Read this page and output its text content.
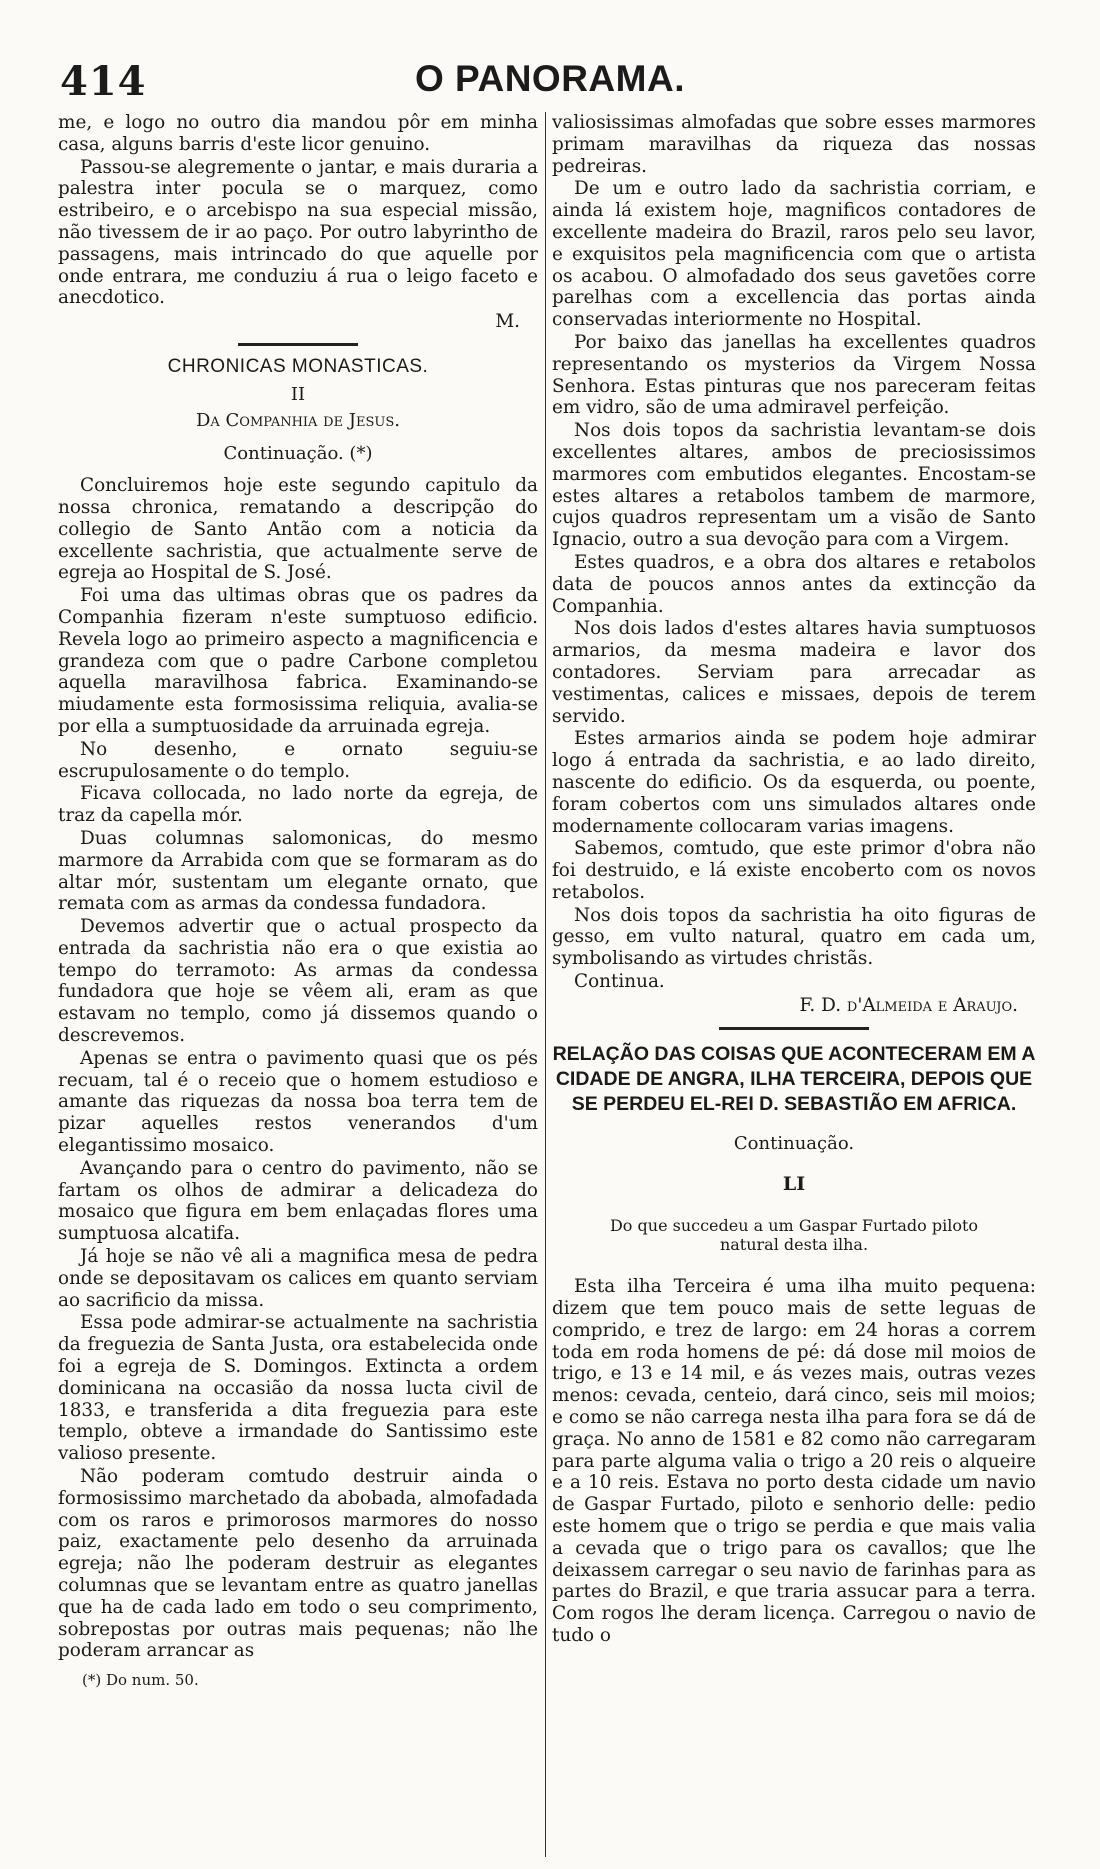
414	O PANORAMA.

me, e logo no outro dia mandou pôr em minha casa, alguns barris d'este licor genuino.

Passou-se alegremente o jantar, e mais duraria a palestra inter pocula se o marquez, como estribeiro, e o arcebispo na sua especial missão, não tivessem de ir ao paço. Por outro labyrintho de passagens, mais intrincado do que aquelle por onde entrara, me conduziu á rua o leigo faceto e anecdotico.

M.

CHRONICAS MONASTICAS.

II

Da Companhia de Jesus.

Continuação. (*)

Concluiremos hoje este segundo capitulo da nossa chronica, rematando a descripção do collegio de Santo Antão com a noticia da excellente sachristia, que actualmente serve de egreja ao Hospital de S. José.

Foi uma das ultimas obras que os padres da Companhia fizeram n'este sumptuoso edificio. Revela logo ao primeiro aspecto a magnificencia e grandeza com que o padre Carbone completou aquella maravilhosa fabrica. Examinando-se miudamente esta formosissima reliquia, avalia-se por ella a sumptuosidade da arruinada egreja.

No desenho, e ornato seguiu-se escrupulosamente o do templo.

Ficava collocada, no lado norte da egreja, de traz da capella mór.

Duas columnas salomonicas, do mesmo marmore da Arrabida com que se formaram as do altar mór, sustentam um elegante ornato, que remata com as armas da condessa fundadora.

Devemos advertir que o actual prospecto da entrada da sachristia não era o que existia ao tempo do terramoto: As armas da condessa fundadora que hoje se vêem ali, eram as que estavam no templo, como já dissemos quando o descrevemos.

Apenas se entra o pavimento quasi que os pés recuam, tal é o receio que o homem estudioso e amante das riquezas da nossa boa terra tem de pizar aquelles restos venerandos d'um elegantissimo mosaico.

Avançando para o centro do pavimento, não se fartam os olhos de admirar a delicadeza do mosaico que figura em bem enlaçadas flores uma sumptuosa alcatifa.

Já hoje se não vê ali a magnifica mesa de pedra onde se depositavam os calices em quanto serviam ao sacrificio da missa.

Essa pode admirar-se actualmente na sachristia da freguezia de Santa Justa, ora estabelecida onde foi a egreja de S. Domingos. Extincta a ordem dominicana na occasião da nossa lucta civil de 1833, e transferida a dita freguezia para este templo, obteve a irmandade do Santissimo este valioso presente.

Não poderam comtudo destruir ainda o formosissimo marchetado da abobada, almofadada com os raros e primorosos marmores do nosso paiz, exactamente pelo desenho da arruinada egreja; não lhe poderam destruir as elegantes columnas que se levantam entre as quatro janellas que ha de cada lado em todo o seu comprimento, sobrepostas por outras mais pequenas; não lhe poderam arrancar as

(*) Do num. 50.

valiosissimas almofadas que sobre esses marmores primam maravilhas da riqueza das nossas pedreiras.

De um e outro lado da sachristia corriam, e ainda lá existem hoje, magnificos contadores de excellente madeira do Brazil, raros pelo seu lavor, e exquisitos pela magnificencia com que o artista os acabou. O almofadado dos seus gavetões corre parelhas com a excellencia das portas ainda conservadas interiormente no Hospital.

Por baixo das janellas ha excellentes quadros representando os mysterios da Virgem Nossa Senhora. Estas pinturas que nos pareceram feitas em vidro, são de uma admiravel perfeição.

Nos dois topos da sachristia levantam-se dois excellentes altares, ambos de preciosissimos marmores com embutidos elegantes. Encostam-se estes altares a retabolos tambem de marmore, cujos quadros representam um a visão de Santo Ignacio, outro a sua devoção para com a Virgem.

Estes quadros, e a obra dos altares e retabolos data de poucos annos antes da extincção da Companhia.

Nos dois lados d'estes altares havia sumptuosos armarios, da mesma madeira e lavor dos contadores. Serviam para arrecadar as vestimentas, calices e missaes, depois de terem servido.

Estes armarios ainda se podem hoje admirar logo á entrada da sachristia, e ao lado direito, nascente do edificio. Os da esquerda, ou poente, foram cobertos com uns simulados altares onde modernamente collocaram varias imagens.

Sabemos, comtudo, que este primor d'obra não foi destruido, e lá existe encoberto com os novos retabolos.

Nos dois topos da sachristia ha oito figuras de gesso, em vulto natural, quatro em cada um, symbolisando as virtudes christãs.

Continua.

F. D. d'Almeida e Araujo.

RELAÇÃO DAS COISAS QUE ACONTECERAM EM A CIDADE DE ANGRA, ILHA TERCEIRA, DEPOIS QUE SE PERDEU EL-REI D. SEBASTIÃO EM AFRICA.

Continuação.

LI

Do que succedeu a um Gaspar Furtado piloto natural desta ilha.

Esta ilha Terceira é uma ilha muito pequena: dizem que tem pouco mais de sette leguas de comprido, e trez de largo: em 24 horas a correm toda em roda homens de pé: dá dose mil moios de trigo, e 13 e 14 mil, e ás vezes mais, outras vezes menos: cevada, centeio, dará cinco, seis mil moios; e como se não carrega nesta ilha para fora se dá de graça. No anno de 1581 e 82 como não carregaram para parte alguma valia o trigo a 20 reis o alqueire e a 10 reis. Estava no porto desta cidade um navio de Gaspar Furtado, piloto e senhorio delle: pedio este homem que o trigo se perdia e que mais valia a cevada que o trigo para os cavallos; que lhe deixassem carregar o seu navio de farinhas para as partes do Brazil, e que traria assucar para a terra. Com rogos lhe deram licença. Carregou o navio de tudo o
